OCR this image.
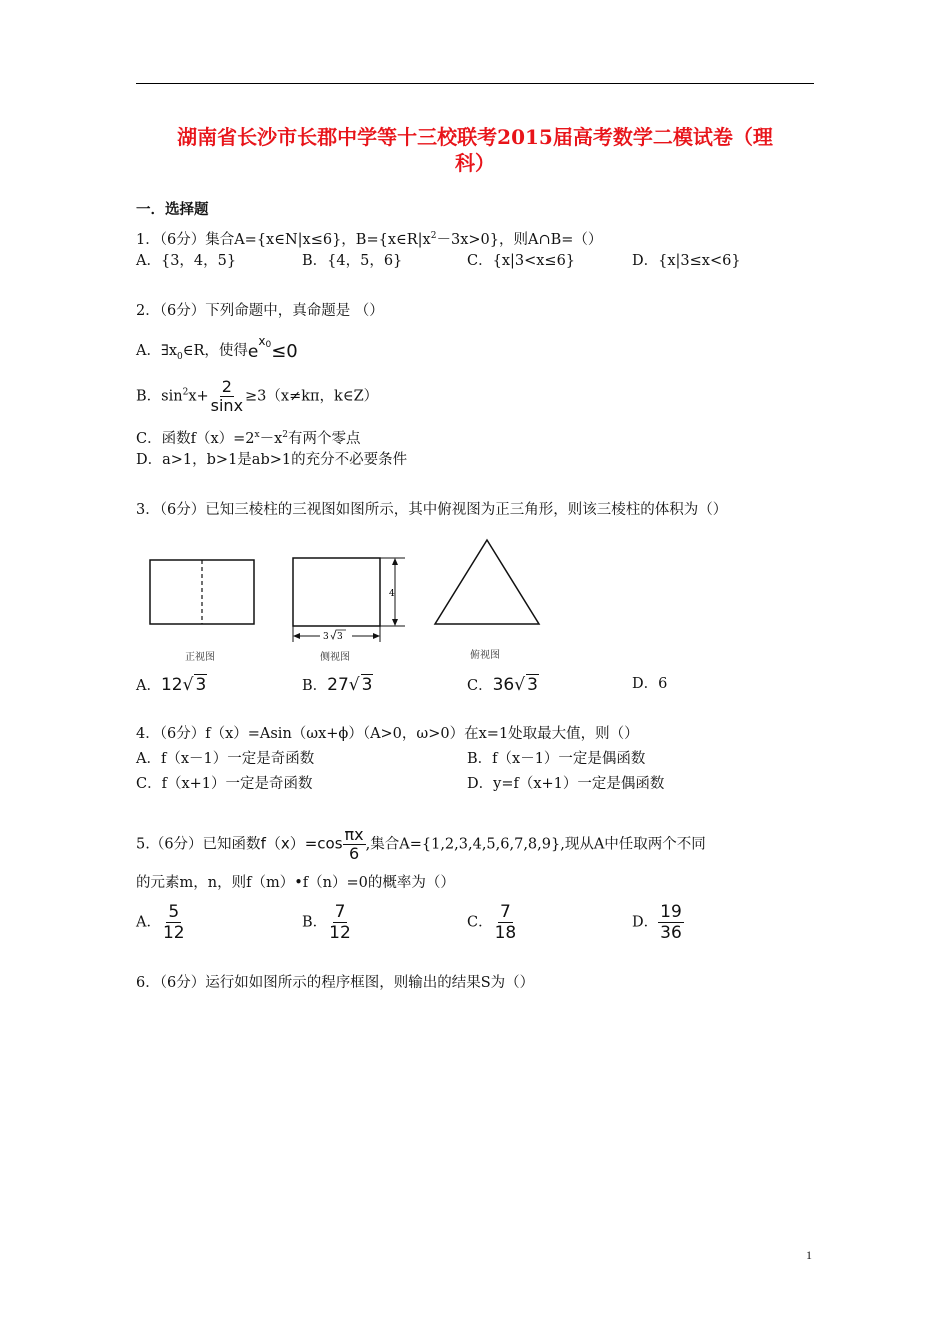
湖南省长沙市长郡中学等十三校联考2015届高考数学二模试卷（理
科）
一．选择题
1．（6分）集合A={x∈N|x≤6}，$B=\{x\in R|x^2-3x>0\}$，则A∩B=（）
A．{3，4，5}	B．{4，5，6}	C．{x|3<x≤6}	D．{x|3≤x<6}
2．（6分）下列命题中，真命题是 （）
A．$\exists x_0\in R$，使得$e^{x0}\le 0$
B．$\sin^2x+ \frac{2}{\sin x} \ge 3(x\ne k\pi$，k∈Z）
C．函数$f(x)=2^x-x^2$有两个零点
D．a>1，b>1是ab>1的充分不必要条件
3．（6分）已知三棱柱的三视图如图所示，其中俯视图为正三角形，则该三棱柱的体积为（）
4
3 3
正视图	侧视图	俯视图
A．12√ 3	B．27√ 3	C．36√ 3	D．6
4．（6分）f（x）=Asin（ωx+ϕ）（A>0，ω>0）在x=1处取最大值，则（）
A．f（x－1）一定是奇函数	B．f（x－1）一定是偶函数
C．f（x+1）一定是奇函数	D．y=f（x+1）一定是偶函数
5.（6分）已知函数$f(x)=\cos \frac{\pi x}{6}$ ,集合A={1,2,3,4,5,6,7,8,9},现从A中任取两个不同
的元素m，n，则f（m）•f（n）=0的概率为（）
A． $\frac{5}{12}$	B． $\frac{7}{12}$	C． $\frac{7}{18}$	D． $\frac{19}{36}$
6．（6分）运行如如图所示的程序框图，则输出的结果S为（）
1
